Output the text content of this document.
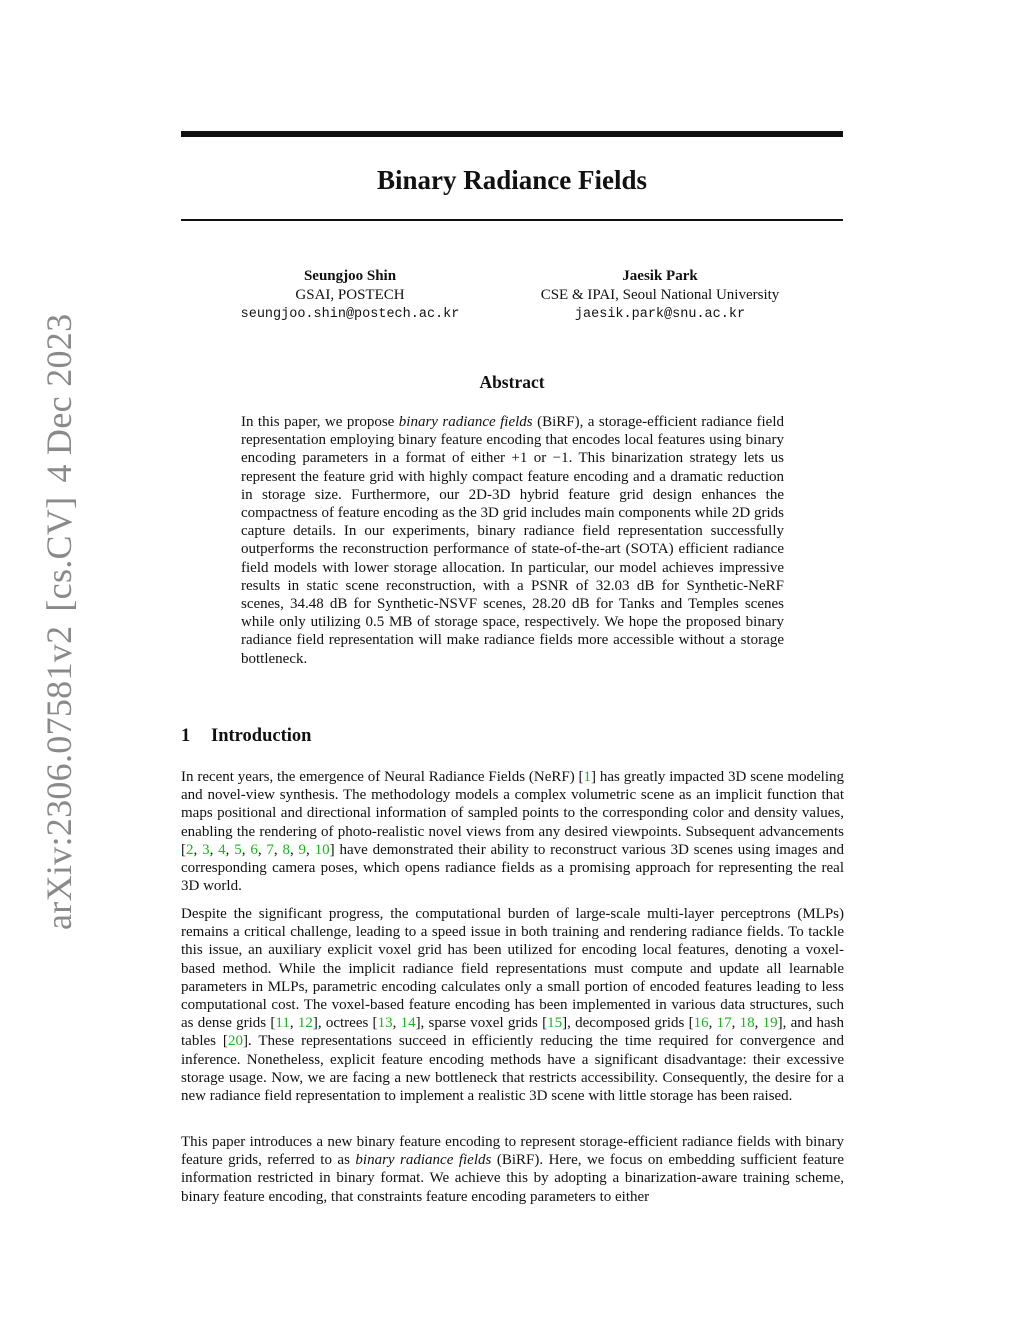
arXiv:2306.07581v2[cs.CV]4 Dec 2023
Binary Radiance Fields
Seungjoo Shin
GSAI, POSTECH
seungjoo.shin@postech.ac.kr
Jaesik Park
CSE & IPAI, Seoul National University
jaesik.park@snu.ac.kr
Abstract
In this paper, we propose binary radiance fields (BiRF), a storage-efficient radiance field representation employing binary feature encoding that encodes local features using binary encoding parameters in a format of either +1 or −1. This binarization strategy lets us represent the feature grid with highly compact feature encoding and a dramatic reduction in storage size. Furthermore, our 2D-3D hybrid feature grid design enhances the compactness of feature encoding as the 3D grid includes main components while 2D grids capture details. In our experiments, binary radiance field representation successfully outperforms the reconstruction performance of state-of-the-art (SOTA) efficient radiance field models with lower storage allocation. In particular, our model achieves impressive results in static scene reconstruction, with a PSNR of 32.03 dB for Synthetic-NeRF scenes, 34.48 dB for Synthetic-NSVF scenes, 28.20 dB for Tanks and Temples scenes while only utilizing 0.5 MB of storage space, respectively. We hope the proposed binary radiance field representation will make radiance fields more accessible without a storage bottleneck.
1 Introduction
In recent years, the emergence of Neural Radiance Fields (NeRF) [1] has greatly impacted 3D scene modeling and novel-view synthesis. The methodology models a complex volumetric scene as an implicit function that maps positional and directional information of sampled points to the corresponding color and density values, enabling the rendering of photo-realistic novel views from any desired viewpoints. Subsequent advancements [2, 3, 4, 5, 6, 7, 8, 9, 10] have demonstrated their ability to reconstruct various 3D scenes using images and corresponding camera poses, which opens radiance fields as a promising approach for representing the real 3D world.
Despite the significant progress, the computational burden of large-scale multi-layer perceptrons (MLPs) remains a critical challenge, leading to a speed issue in both training and rendering radiance fields. To tackle this issue, an auxiliary explicit voxel grid has been utilized for encoding local features, denoting a voxel-based method. While the implicit radiance field representations must compute and update all learnable parameters in MLPs, parametric encoding calculates only a small portion of encoded features leading to less computational cost. The voxel-based feature encoding has been implemented in various data structures, such as dense grids [11, 12], octrees [13, 14], sparse voxel grids [15], decomposed grids [16, 17, 18, 19], and hash tables [20]. These representations succeed in efficiently reducing the time required for convergence and inference. Nonetheless, explicit feature encoding methods have a significant disadvantage: their excessive storage usage. Now, we are facing a new bottleneck that restricts accessibility. Consequently, the desire for a new radiance field representation to implement a realistic 3D scene with little storage has been raised.
This paper introduces a new binary feature encoding to represent storage-efficient radiance fields with binary feature grids, referred to as binary radiance fields (BiRF). Here, we focus on embedding sufficient feature information restricted in binary format. We achieve this by adopting a binarization-aware training scheme, binary feature encoding, that constraints feature encoding parameters to either
